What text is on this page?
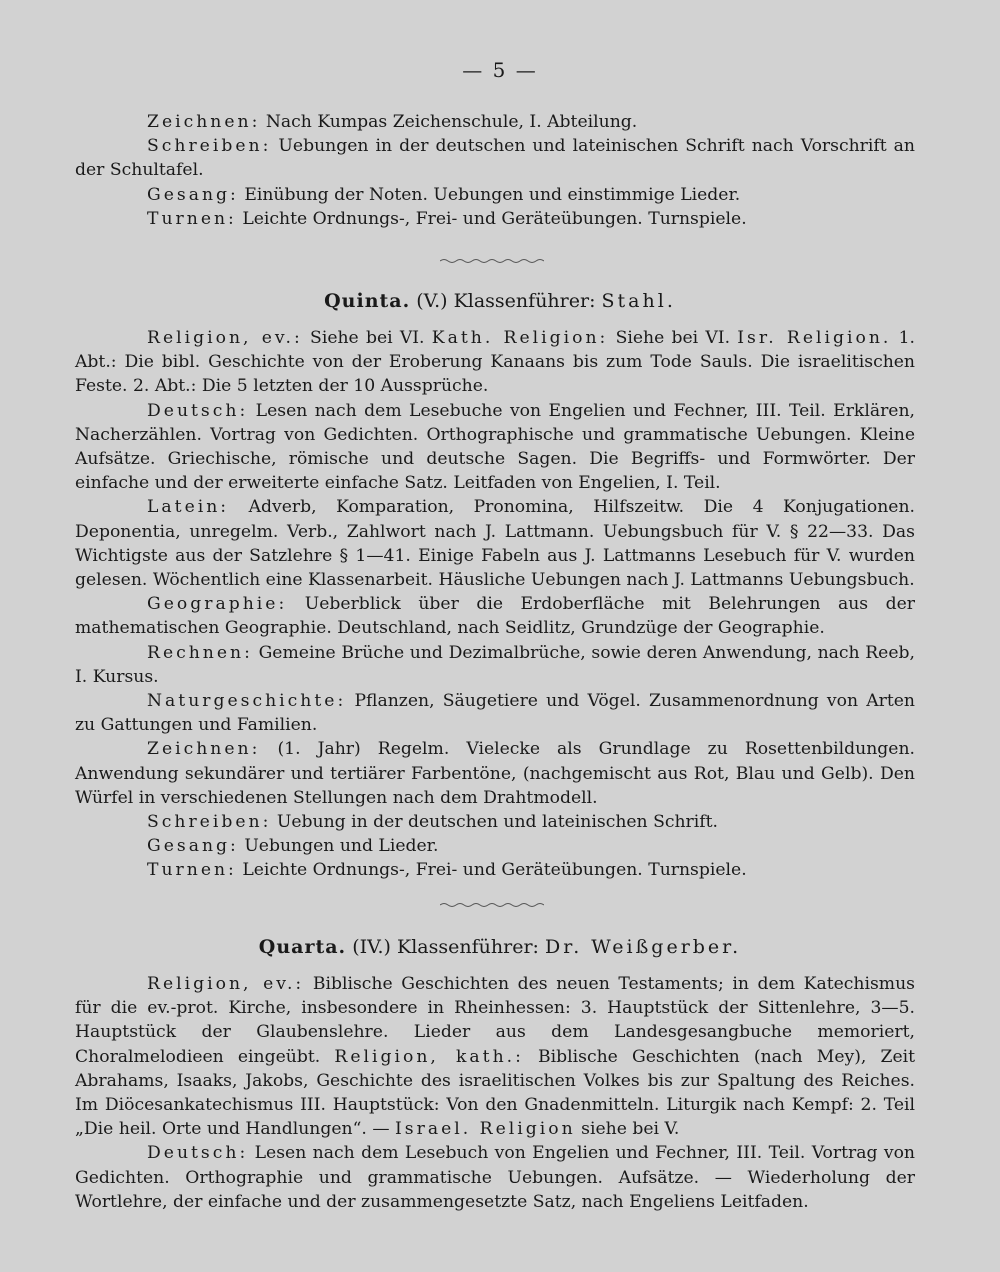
— 5 —

Zeichnen: Nach Kumpas Zeichenschule, I. Abteilung.

Schreiben: Uebungen in der deutschen und lateinischen Schrift nach Vorschrift an der Schultafel.

Gesang: Einübung der Noten. Uebungen und einstimmige Lieder.

Turnen: Leichte Ordnungs-, Frei- und Geräteübungen. Turnspiele.

Quinta. (V.) Klassenführer: Stahl.

Religion, ev.: Siehe bei VI. Kath. Religion: Siehe bei VI. Isr. Religion. 1. Abt.: Die bibl. Geschichte von der Eroberung Kanaans bis zum Tode Sauls. Die israelitischen Feste. 2. Abt.: Die 5 letzten der 10 Aussprüche.

Deutsch: Lesen nach dem Lesebuche von Engelien und Fechner, III. Teil. Erklären, Nacherzählen. Vortrag von Gedichten. Orthographische und grammatische Uebungen. Kleine Aufsätze. Griechische, römische und deutsche Sagen. Die Begriffs- und Formwörter. Der einfache und der erweiterte einfache Satz. Leitfaden von Engelien, I. Teil.

Latein: Adverb, Komparation, Pronomina, Hilfszeitw. Die 4 Konjugationen. Deponentia, unregelm. Verb., Zahlwort nach J. Lattmann. Uebungsbuch für V. § 22—33. Das Wichtigste aus der Satzlehre § 1—41. Einige Fabeln aus J. Lattmanns Lesebuch für V. wurden gelesen. Wöchentlich eine Klassenarbeit. Häusliche Uebungen nach J. Lattmanns Uebungsbuch.

Geographie: Ueberblick über die Erdoberfläche mit Belehrungen aus der mathematischen Geographie. Deutschland, nach Seidlitz, Grundzüge der Geographie.

Rechnen: Gemeine Brüche und Dezimalbrüche, sowie deren Anwendung, nach Reeb, I. Kursus.

Naturgeschichte: Pflanzen, Säugetiere und Vögel. Zusammenordnung von Arten zu Gattungen und Familien.

Zeichnen: (1. Jahr) Regelm. Vielecke als Grundlage zu Rosettenbildungen. Anwendung sekundärer und tertiärer Farbentöne, (nachgemischt aus Rot, Blau und Gelb). Den Würfel in verschiedenen Stellungen nach dem Drahtmodell.

Schreiben: Uebung in der deutschen und lateinischen Schrift.

Gesang: Uebungen und Lieder.

Turnen: Leichte Ordnungs-, Frei- und Geräteübungen. Turnspiele.

Quarta. (IV.) Klassenführer: Dr. Weißgerber.

Religion, ev.: Biblische Geschichten des neuen Testaments; in dem Katechismus für die ev.-prot. Kirche, insbesondere in Rheinhessen: 3. Hauptstück der Sittenlehre, 3—5. Hauptstück der Glaubenslehre. Lieder aus dem Landesgesangbuche memoriert, Choralmelodieen eingeübt. Religion, kath.: Biblische Geschichten (nach Mey), Zeit Abrahams, Isaaks, Jakobs, Geschichte des israelitischen Volkes bis zur Spaltung des Reiches. Im Diöcesankatechismus III. Hauptstück: Von den Gnadenmitteln. Liturgik nach Kempf: 2. Teil „Die heil. Orte und Handlungen“. — Israel. Religion siehe bei V.

Deutsch: Lesen nach dem Lesebuch von Engelien und Fechner, III. Teil. Vortrag von Gedichten. Orthographie und grammatische Uebungen. Aufsätze. — Wiederholung der Wortlehre, der einfache und der zusammengesetzte Satz, nach Engeliens Leitfaden.
